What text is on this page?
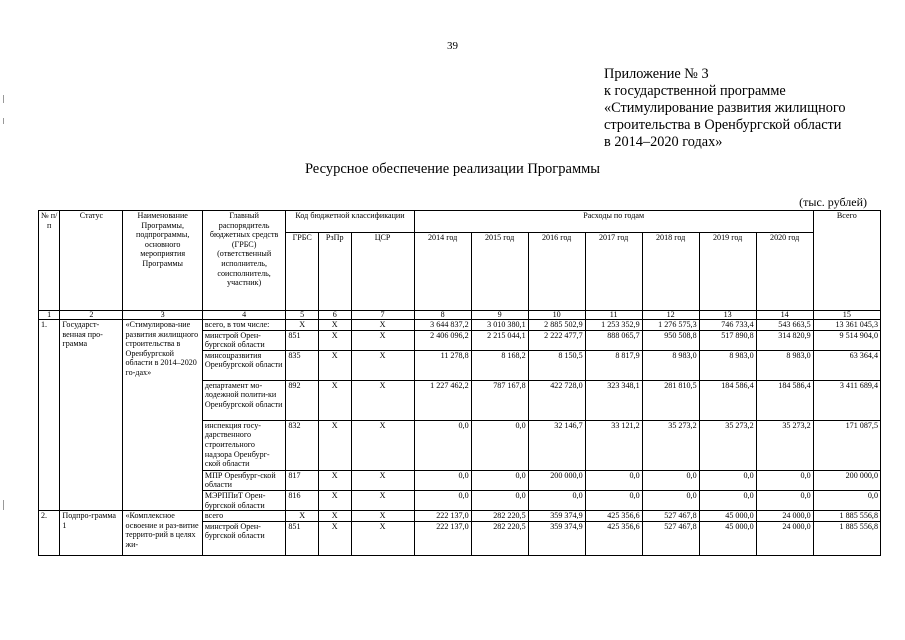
39
Приложение № 3
к государственной программе
«Стимулирование развития жилищного
строительства в Оренбургской области
в 2014–2020 годах»
Ресурсное обеспечение реализации Программы
(тыс. рублей)
№ п/п	Статус	Наименование Программы, подпрограммы, основного мероприятия Программы	Главный распорядитель бюджетных средств (ГРБС) (ответственный исполнитель, соисполнитель, участник)	Код бюджетной классификации			Расходы по годам							Всего
				ГРБС	РзПр	ЦСР	2014 год	2015 год	2016 год	2017 год	2018 год	2019 год	2020 год	
1	2	3	4	5	6	7	8	9	10	11	12	13	14	15
1.	Государст-венная про-грамма	«Стимулирова-ние развития жилищного строительства в Оренбургской области в 2014–2020 го-дах»	всего, в том числе:	Х	Х	Х	3 644 837,2	3 010 380,1	2 885 502,9	1 253 352,9	1 276 575,3	746 733,4	543 663,5	13 361 045,3
			минстрой Орен-бургской области	851	Х	Х	2 406 096,2	2 215 044,1	2 222 477,7	888 065,7	950 508,8	517 890,8	314 820,9	9 514 904,0
			минсоцразвития Оренбургской области	835	Х	Х	11 278,8	8 168,2	8 150,5	8 817,9	8 983,0	8 983,0	8 983,0	63 364,4
			департамент мо-лодежной полити-ки Оренбургской области	892	Х	Х	1 227 462,2	787 167,8	422 728,0	323 348,1	281 810,5	184 586,4	184 586,4	3 411 689,4
			инспекция госу-дарственного строительного надзора Оренбург-ской области	832	Х	Х	0,0	0,0	32 146,7	33 121,2	35 273,2	35 273,2	35 273,2	171 087,5
			МПР Оренбург-ской области	817	Х	Х	0,0	0,0	200 000,0	0,0	0,0	0,0	0,0	200 000,0
			МЭРППиТ Орен-бургской области	816	Х	Х	0,0	0,0	0,0	0,0	0,0	0,0	0,0	0,0
2.	Подпро-грамма 1	«Комплексное освоение и раз-витие террито-рий в целях жи-	всего	Х	Х	Х	222 137,0	282 220,5	359 374,9	425 356,6	527 467,8	45 000,0	24 000,0	1 885 556,8
			минстрой Орен-бургской области	851	Х	Х	222 137,0	282 220,5	359 374,9	425 356,6	527 467,8	45 000,0	24 000,0	1 885 556,8
